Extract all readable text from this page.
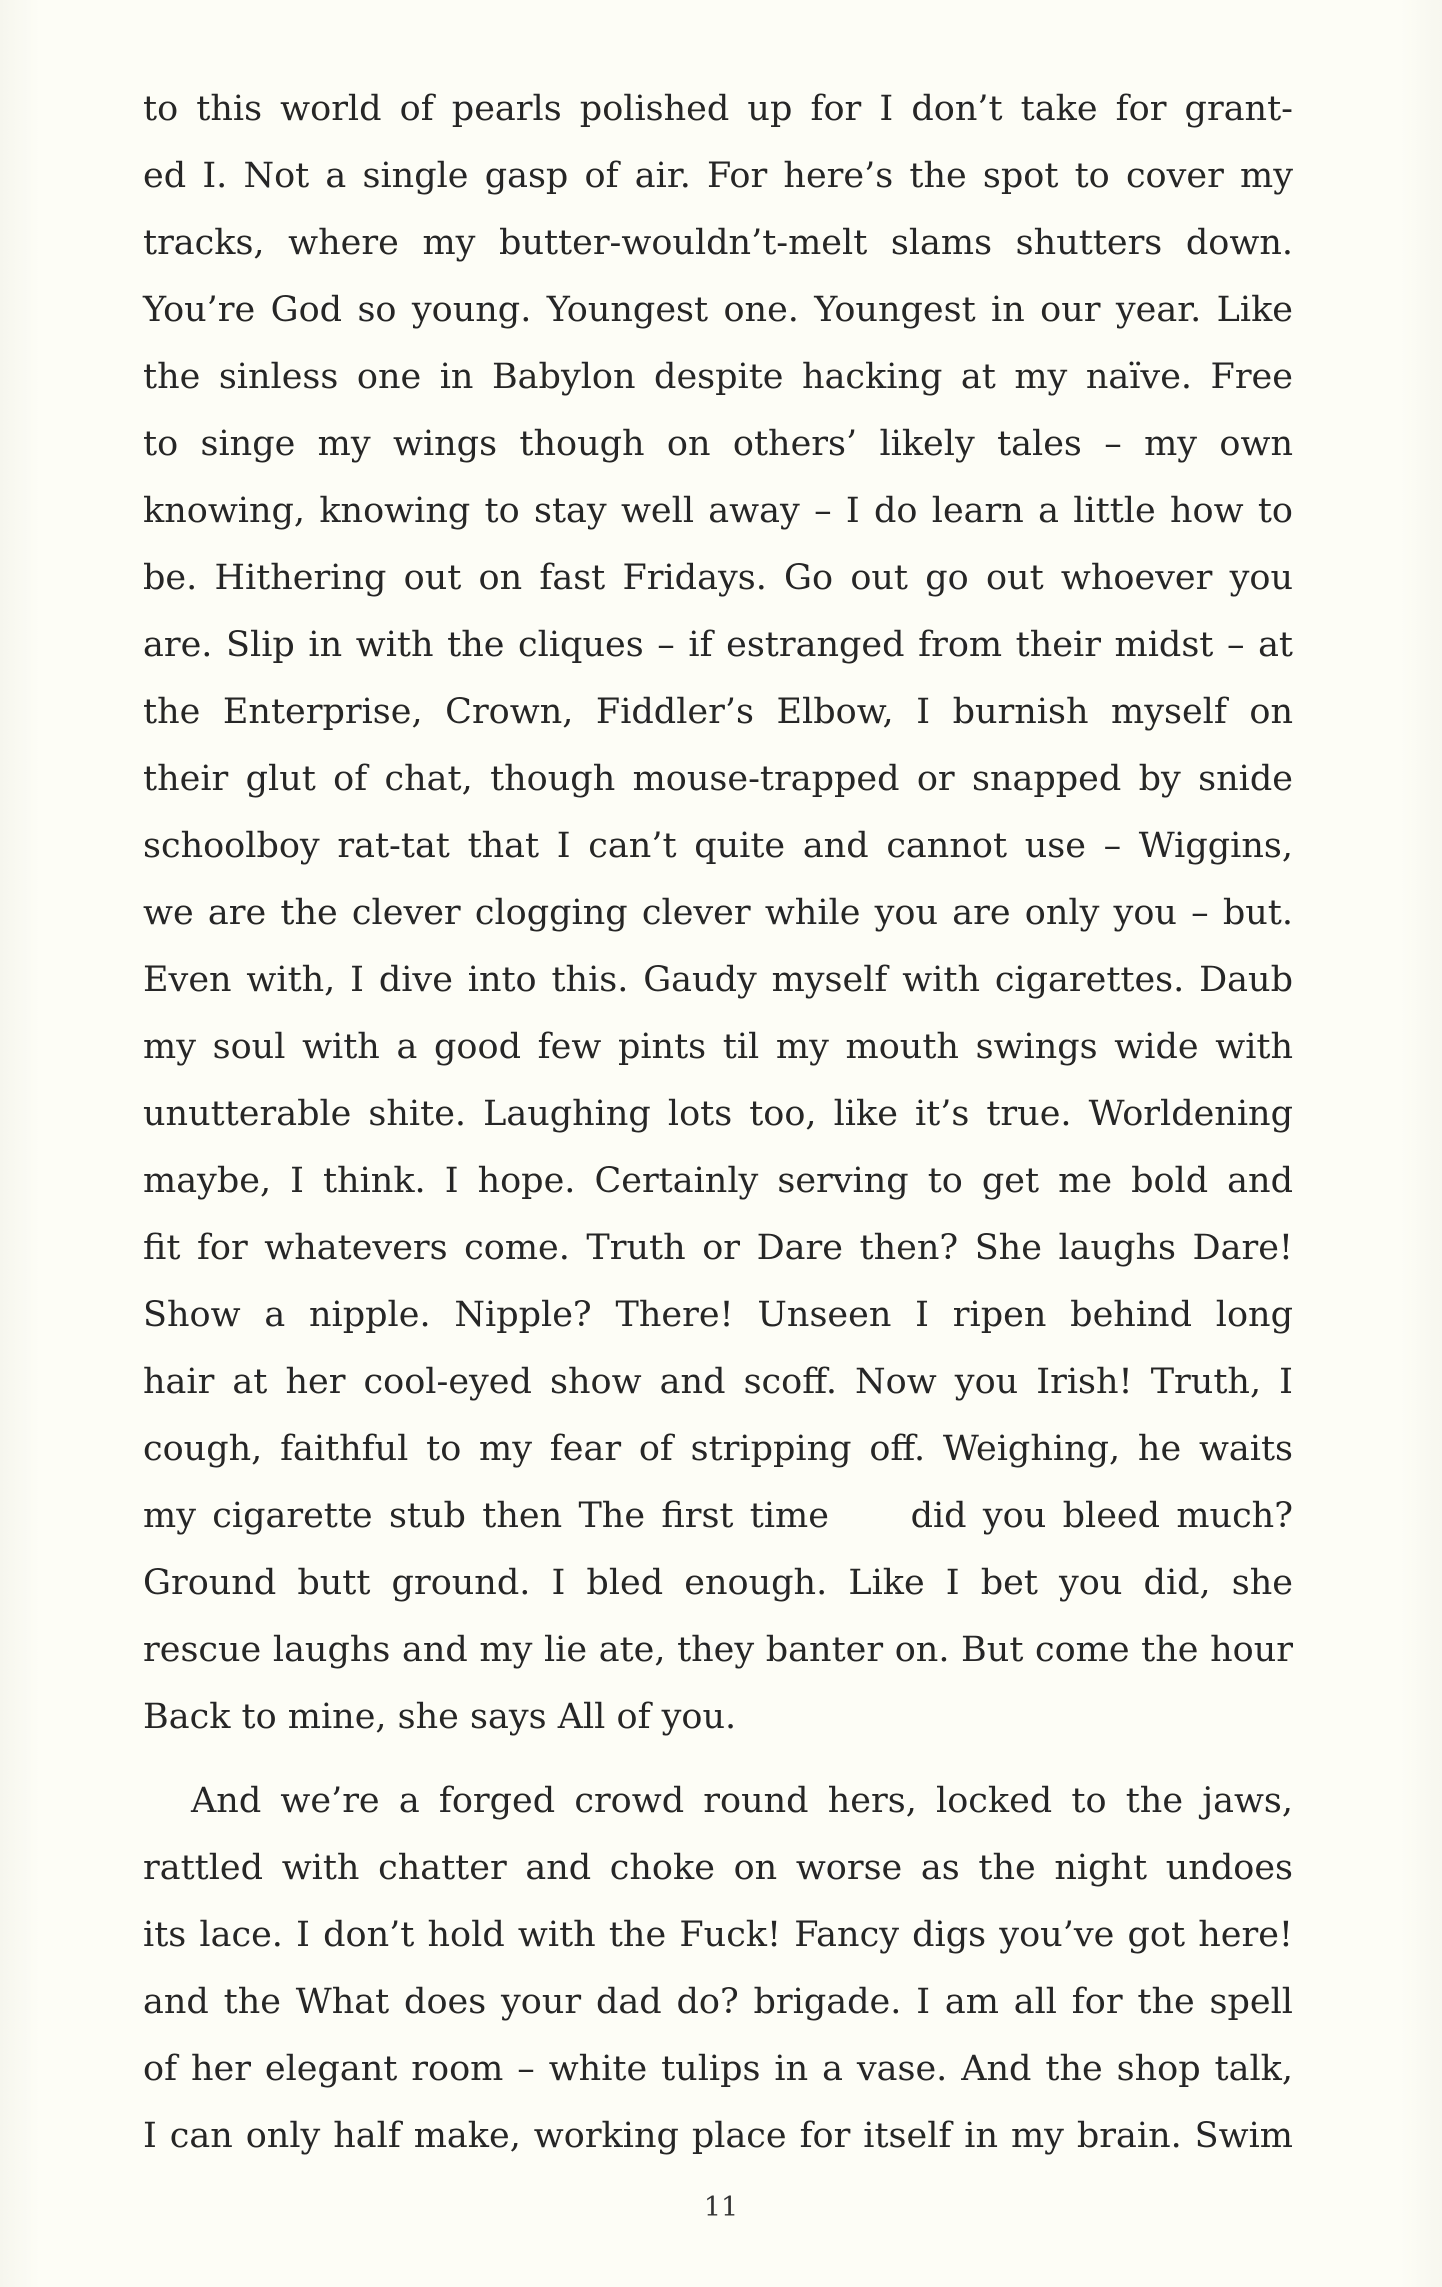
to this world of pearls polished up for I don’t take for grant-
ed I. Not a single gasp of air. For here’s the spot to cover my
tracks, where my butter-wouldn’t-melt slams shutters down.
You’re God so young. Youngest one. Youngest in our year. Like
the sinless one in Babylon despite hacking at my naïve. Free
to singe my wings though on others’ likely tales – my own
knowing, knowing to stay well away – I do learn a little how to
be. Hithering out on fast Fridays. Go out go out whoever you
are. Slip in with the cliques – if estranged from their midst – at
the Enterprise, Crown, Fiddler’s Elbow, I burnish myself on
their glut of chat, though mouse-trapped or snapped by snide
schoolboy rat-tat that I can’t quite and cannot use – Wiggins,
we are the clever clogging clever while you are only you – but.
Even with, I dive into this. Gaudy myself with cigarettes. Daub
my soul with a good few pints til my mouth swings wide with
unutterable shite. Laughing lots too, like it’s true. Worldening
maybe, I think. I hope. Certainly serving to get me bold and
fit for whatevers come. Truth or Dare then? She laughs Dare!
Show a nipple. Nipple? There! Unseen I ripen behind long
hair at her cool-eyed show and scoff. Now you Irish! Truth, I
cough, faithful to my fear of stripping off. Weighing, he waits
my cigarette stub then The first time     did you bleed much?
Ground butt ground. I bled enough. Like I bet you did, she
rescue laughs and my lie ate, they banter on. But come the hour
Back to mine, she says All of you.
And we’re a forged crowd round hers, locked to the jaws,
rattled with chatter and choke on worse as the night undoes
its lace. I don’t hold with the Fuck! Fancy digs you’ve got here!
and the What does your dad do? brigade. I am all for the spell
of her elegant room – white tulips in a vase. And the shop talk,
I can only half make, working place for itself in my brain. Swim
11
